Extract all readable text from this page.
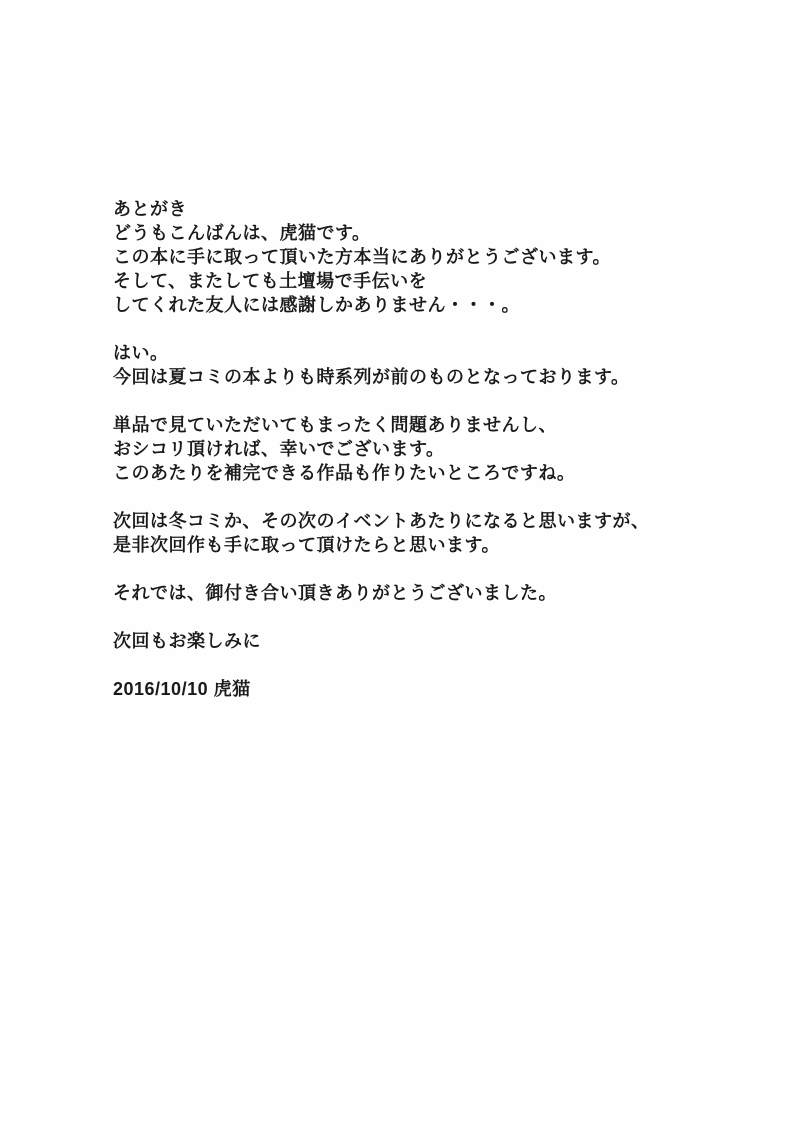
あとがき
どうもこんばんは、虎猫です。
この本に手に取って頂いた方本当にありがとうございます。
そして、またしても土壇場で手伝いを
してくれた友人には感謝しかありません・・・。

はい。
今回は夏コミの本よりも時系列が前のものとなっております。

単品で見ていただいてもまったく問題ありませんし、
おシコリ頂ければ、幸いでございます。
このあたりを補完できる作品も作りたいところですね。

次回は冬コミか、その次のイベントあたりになると思いますが、
是非次回作も手に取って頂けたらと思います。

それでは、御付き合い頂きありがとうございました。

次回もお楽しみに

2016/10/10 虎猫
